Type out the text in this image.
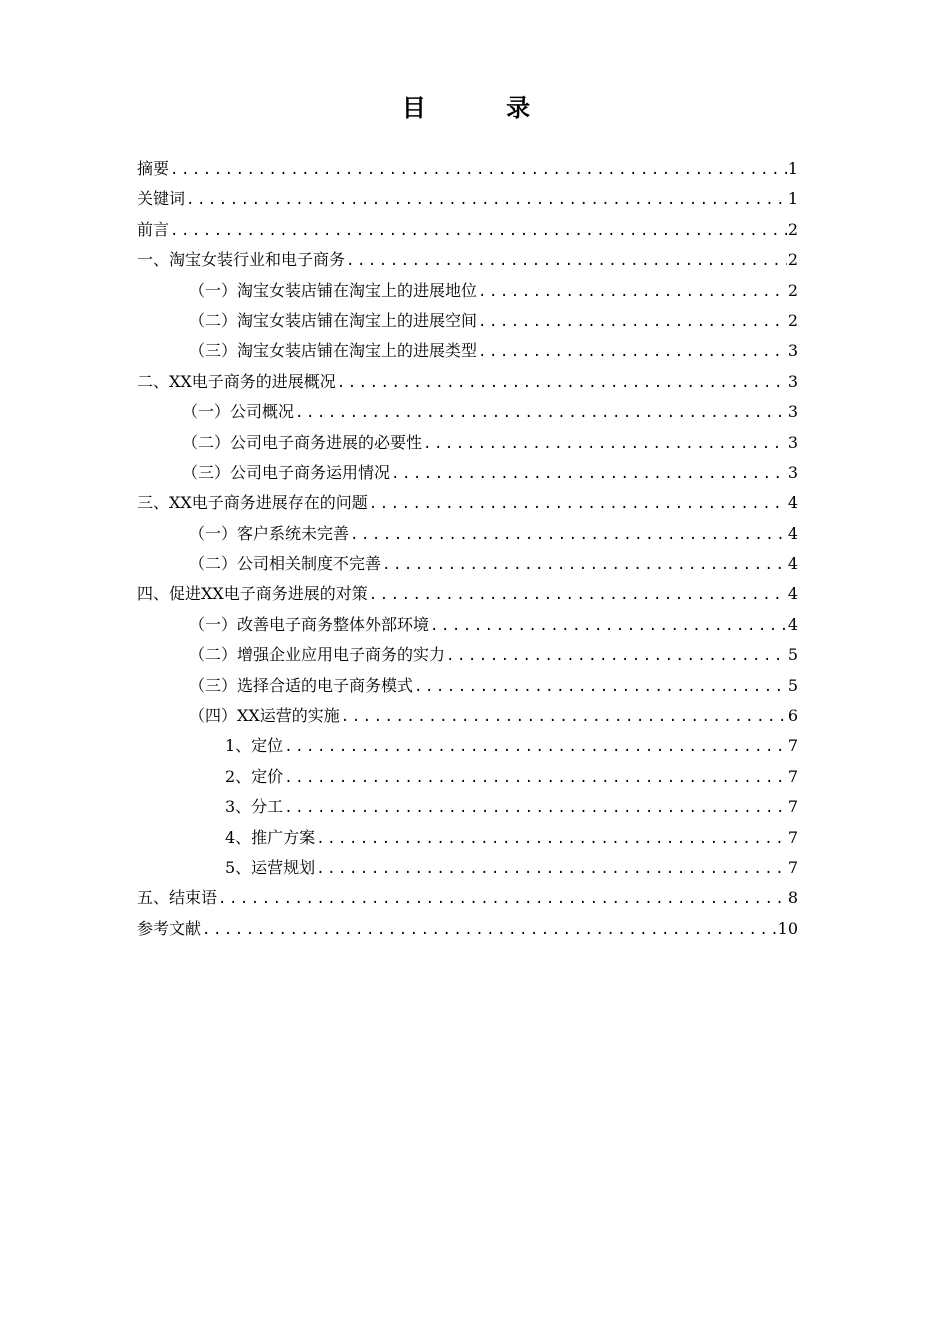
目 录
摘要 .....	1
关键词 .....	1
前言 .....	2
一、淘宝女装行业和电子商务 .....	2
（一）淘宝女装店铺在淘宝上的进展地位 .....	2
（二）淘宝女装店铺在淘宝上的进展空间 .....	2
（三）淘宝女装店铺在淘宝上的进展类型 .....	3
二、XX电子商务的进展概况 .....	3
（一）公司概况 .....	3
（二）公司电子商务进展的必要性 .....	3
（三）公司电子商务运用情况 .....	3
三、XX电子商务进展存在的问题 .....	4
（一）客户系统未完善 .....	4
（二）公司相关制度不完善 .....	4
四、促进XX电子商务进展的对策 .....	4
（一）改善电子商务整体外部环境 .....	4
（二）增强企业应用电子商务的实力 .....	5
（三）选择合适的电子商务模式 .....	5
（四）XX运营的实施 .....	6
1、定位 .....	7
2、定价 .....	7
3、分工 .....	7
4、推广方案 .....	7
5、运营规划 .....	7
五、结束语 .....	8
参考文献 .....	10
